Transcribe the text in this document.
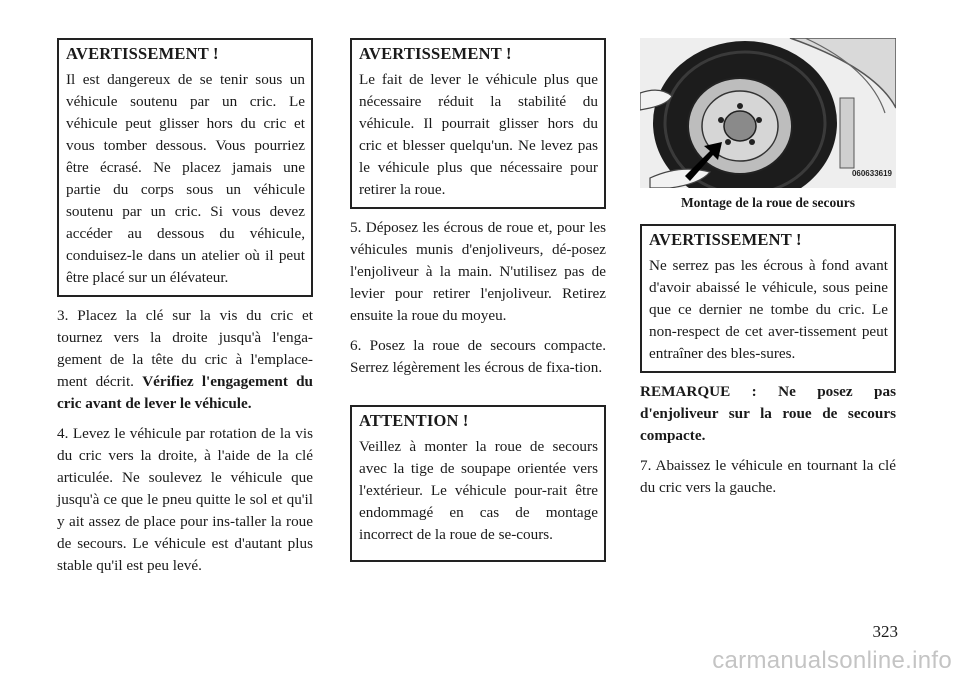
AVERTISSEMENT !

Il est dangereux de se tenir sous un véhicule soutenu par un cric. Le véhicule peut glisser hors du cric et vous tomber dessous. Vous pourriez être écrasé. Ne placez jamais une partie du corps sous un véhicule soutenu par un cric. Si vous devez accéder au dessous du véhicule, conduisez-le dans un atelier où il peut être placé sur un élévateur.

3. Placez la clé sur la vis du cric et tournez vers la droite jusqu'à l'enga-gement de la tête du cric à l'emplace-ment décrit. Vérifiez l'engagement du cric avant de lever le véhicule.

4. Levez le véhicule par rotation de la vis du cric vers la droite, à l'aide de la clé articulée. Ne soulevez le véhicule que jusqu'à ce que le pneu quitte le sol et qu'il y ait assez de place pour ins-taller la roue de secours. Le véhicule est d'autant plus stable qu'il est peu levé.

AVERTISSEMENT !

Le fait de lever le véhicule plus que nécessaire réduit la stabilité du véhicule. Il pourrait glisser hors du cric et blesser quelqu'un. Ne levez pas le véhicule plus que nécessaire pour retirer la roue.

5. Déposez les écrous de roue et, pour les véhicules munis d'enjoliveurs, dé-posez l'enjoliveur à la main. N'utilisez pas de levier pour retirer l'enjoliveur. Retirez ensuite la roue du moyeu.

6. Posez la roue de secours compacte. Serrez légèrement les écrous de fixa-tion.

ATTENTION !

Veillez à monter la roue de secours avec la tige de soupape orientée vers l'extérieur. Le véhicule pour-rait être endommagé en cas de montage incorrect de la roue de se-cours.

060633619
Montage de la roue de secours
AVERTISSEMENT !

Ne serrez pas les écrous à fond avant d'avoir abaissé le véhicule, sous peine que ce dernier ne tombe du cric. Le non-respect de cet aver-tissement peut entraîner des bles-sures.

REMARQUE : Ne posez pas d'enjoliveur sur la roue de secours compacte.

7. Abaissez le véhicule en tournant la clé du cric vers la gauche.

323
carmanualsonline.info
